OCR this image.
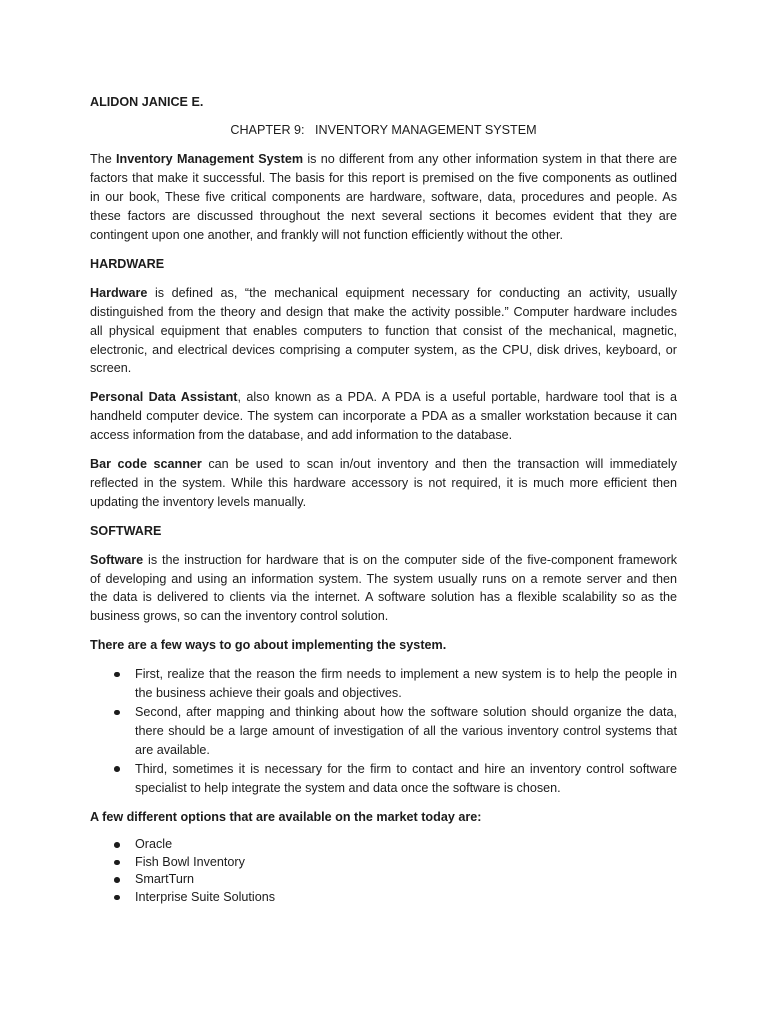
ALIDON JANICE E.
CHAPTER 9:   INVENTORY MANAGEMENT SYSTEM
The Inventory Management System is no different from any other information system in that there are
factors that make it successful. The basis for this report is premised on the five components as outlined
in our book, These five critical components are hardware, software, data, procedures and people. As
these factors are discussed throughout the next several sections it becomes evident that they are
contingent upon one another, and frankly will not function efficiently without the other.
HARDWARE
Hardware is defined as, “the mechanical equipment necessary for conducting an activity, usually
distinguished from the theory and design that make the activity possible.” Computer hardware includes
all physical equipment that enables computers to function that consist of the mechanical, magnetic,
electronic, and electrical devices comprising a computer system, as the CPU, disk drives, keyboard, or
screen.
Personal Data Assistant, also known as a PDA. A PDA is a useful portable, hardware tool that is a
handheld computer device. The system can incorporate a PDA as a smaller workstation because it can
access information from the database, and add information to the database.
Bar code scanner can be used to scan in/out inventory and then the transaction will immediately
reflected in the system. While this hardware accessory is not required, it is much more efficient then
updating the inventory levels manually.
SOFTWARE
Software is the instruction for hardware that is on the computer side of the five-component framework
of developing and using an information system. The system usually runs on a remote server and then
the data is delivered to clients via the internet. A software solution has a flexible scalability so as the
business grows, so can the inventory control solution.
There are a few ways to go about implementing the system.
First, realize that the reason the firm needs to implement a new system is to help the people in
the business achieve their goals and objectives.
Second, after mapping and thinking about how the software solution should organize the data,
there should be a large amount of investigation of all the various inventory control systems that
are available.
Third, sometimes it is necessary for the firm to contact and hire an inventory control software
specialist to help integrate the system and data once the software is chosen.
A few different options that are available on the market today are:
Oracle
Fish Bowl Inventory
SmartTurn
Interprise Suite Solutions
